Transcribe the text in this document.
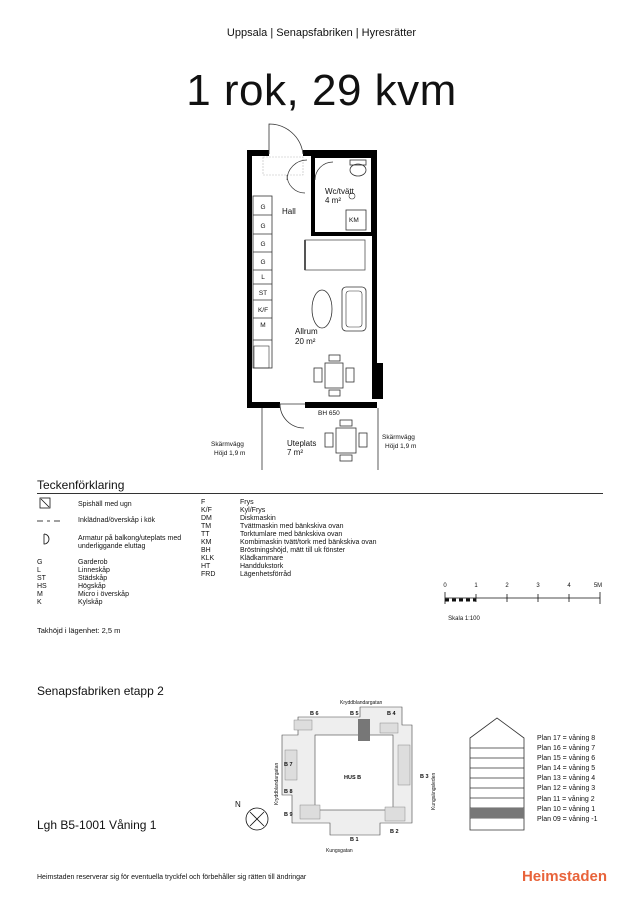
Uppsala | Senapsfabriken | Hyresrätter
1 rok, 29 kvm
G
G
G
G
L
ST
K/F
M
Hall
Wc/tvätt
4 m²
Allrum
20 m²
Uteplats
7 m²
KM
BH 650
Skärmvägg
Höjd 1,9 m
Skärmvägg
Höjd 1,9 m
Teckenförklaring
Spishäll med ugn
Inklädnad/överskåp i kök
Armatur på balkong/uteplats med underliggande eluttag
G	Garderob
L	Linneskåp
ST	Städskåp
HS	Högskåp
M	Micro i överskåp
K	Kylskåp
F	Frys
K/F	Kyl/Frys
DM	Diskmaskin
TM	Tvättmaskin med bänkskiva ovan
TT	Torktumlare med bänkskiva ovan
KM	Kombimaskin tvätt/tork med bänkskiva ovan
BH	Bröstningshöjd, mätt till uk fönster
KLK	Klädkammare
HT	Handdukstork
FRD	Lägenhetsförråd
0	1	2	3	4	5M
Skala 1:100
Takhöjd i lägenhet: 2,5 m
Senapsfabriken etapp 2
B 6	B 5	B 4
B 7
B 8
B 9
B 3
B 1
B 2
HUS B
Kryddblandargatan
Kungsgatan
Kryddblandargatan	Kungsängsleden
N
Plan 17 = våning 8
Plan 16 = våning 7
Plan 15 = våning 6
Plan 14 = våning 5
Plan 13 = våning 4
Plan 12 = våning 3
Plan 11 = våning 2
Plan 10 = våning 1
Plan 09 = våning -1
Lgh B5-1001 Våning 1
Heimstaden reserverar sig för eventuella tryckfel och förbehåller sig rätten till ändringar	Heimstaden
